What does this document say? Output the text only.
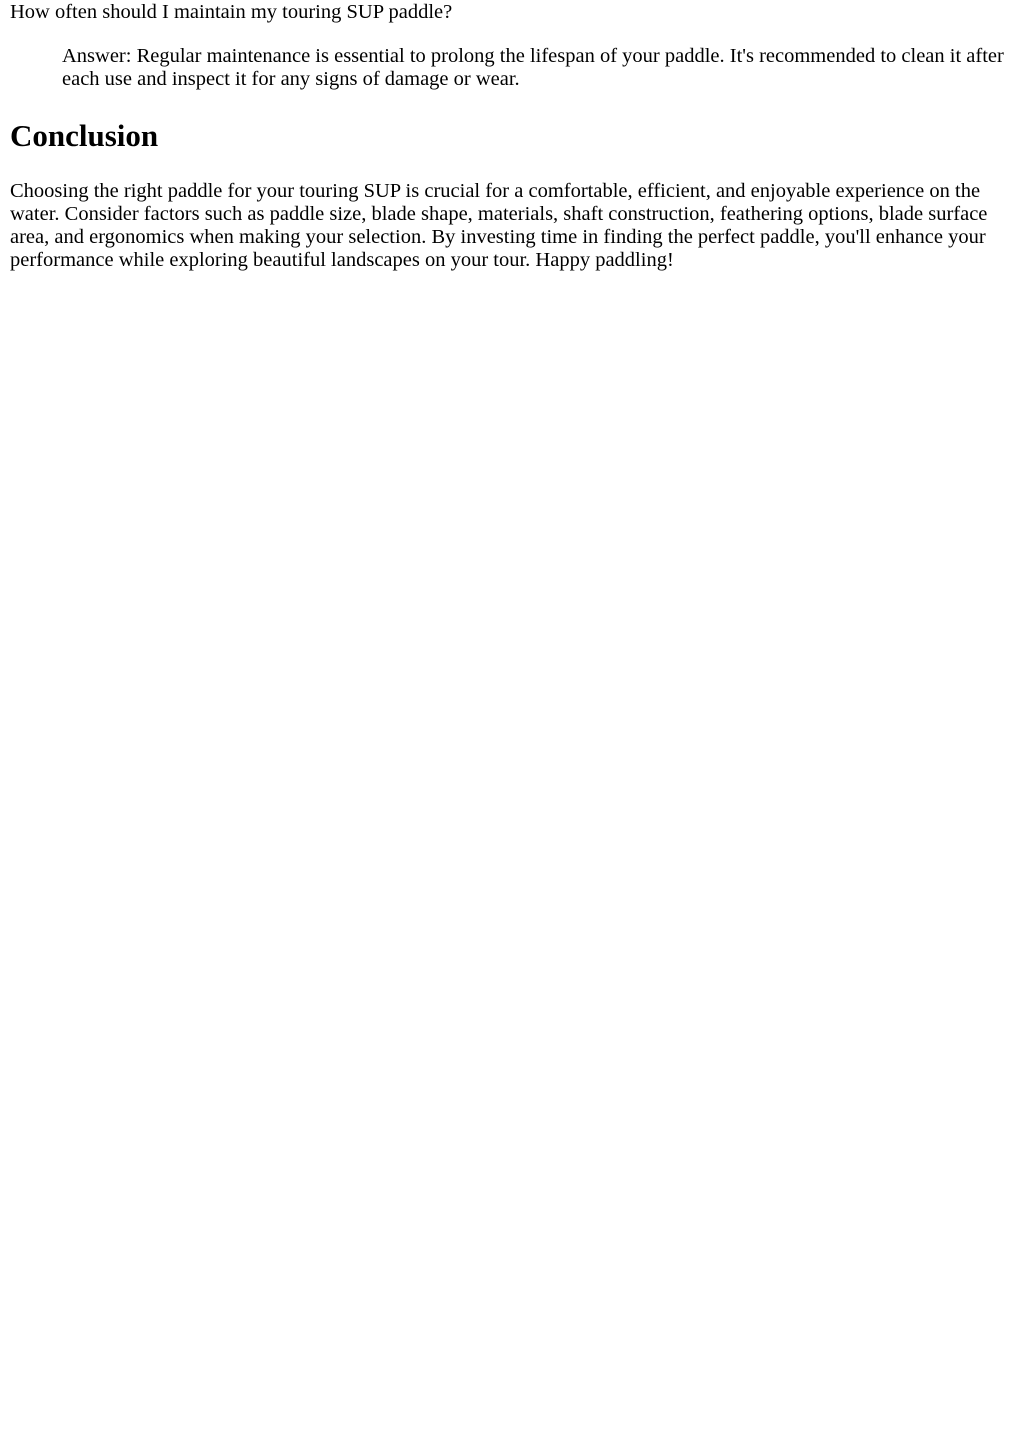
How often should I maintain my touring SUP paddle?

Answer: Regular maintenance is essential to prolong the lifespan of your paddle. It's recommended to clean it after each use and inspect it for any signs of damage or wear.
Conclusion

Choosing the right paddle for your touring SUP is crucial for a comfortable, efficient, and enjoyable experience on the water. Consider factors such as paddle size, blade shape, materials, shaft construction, feathering options, blade surface area, and ergonomics when making your selection. By investing time in finding the perfect paddle, you'll enhance your performance while exploring beautiful landscapes on your tour. Happy paddling!
